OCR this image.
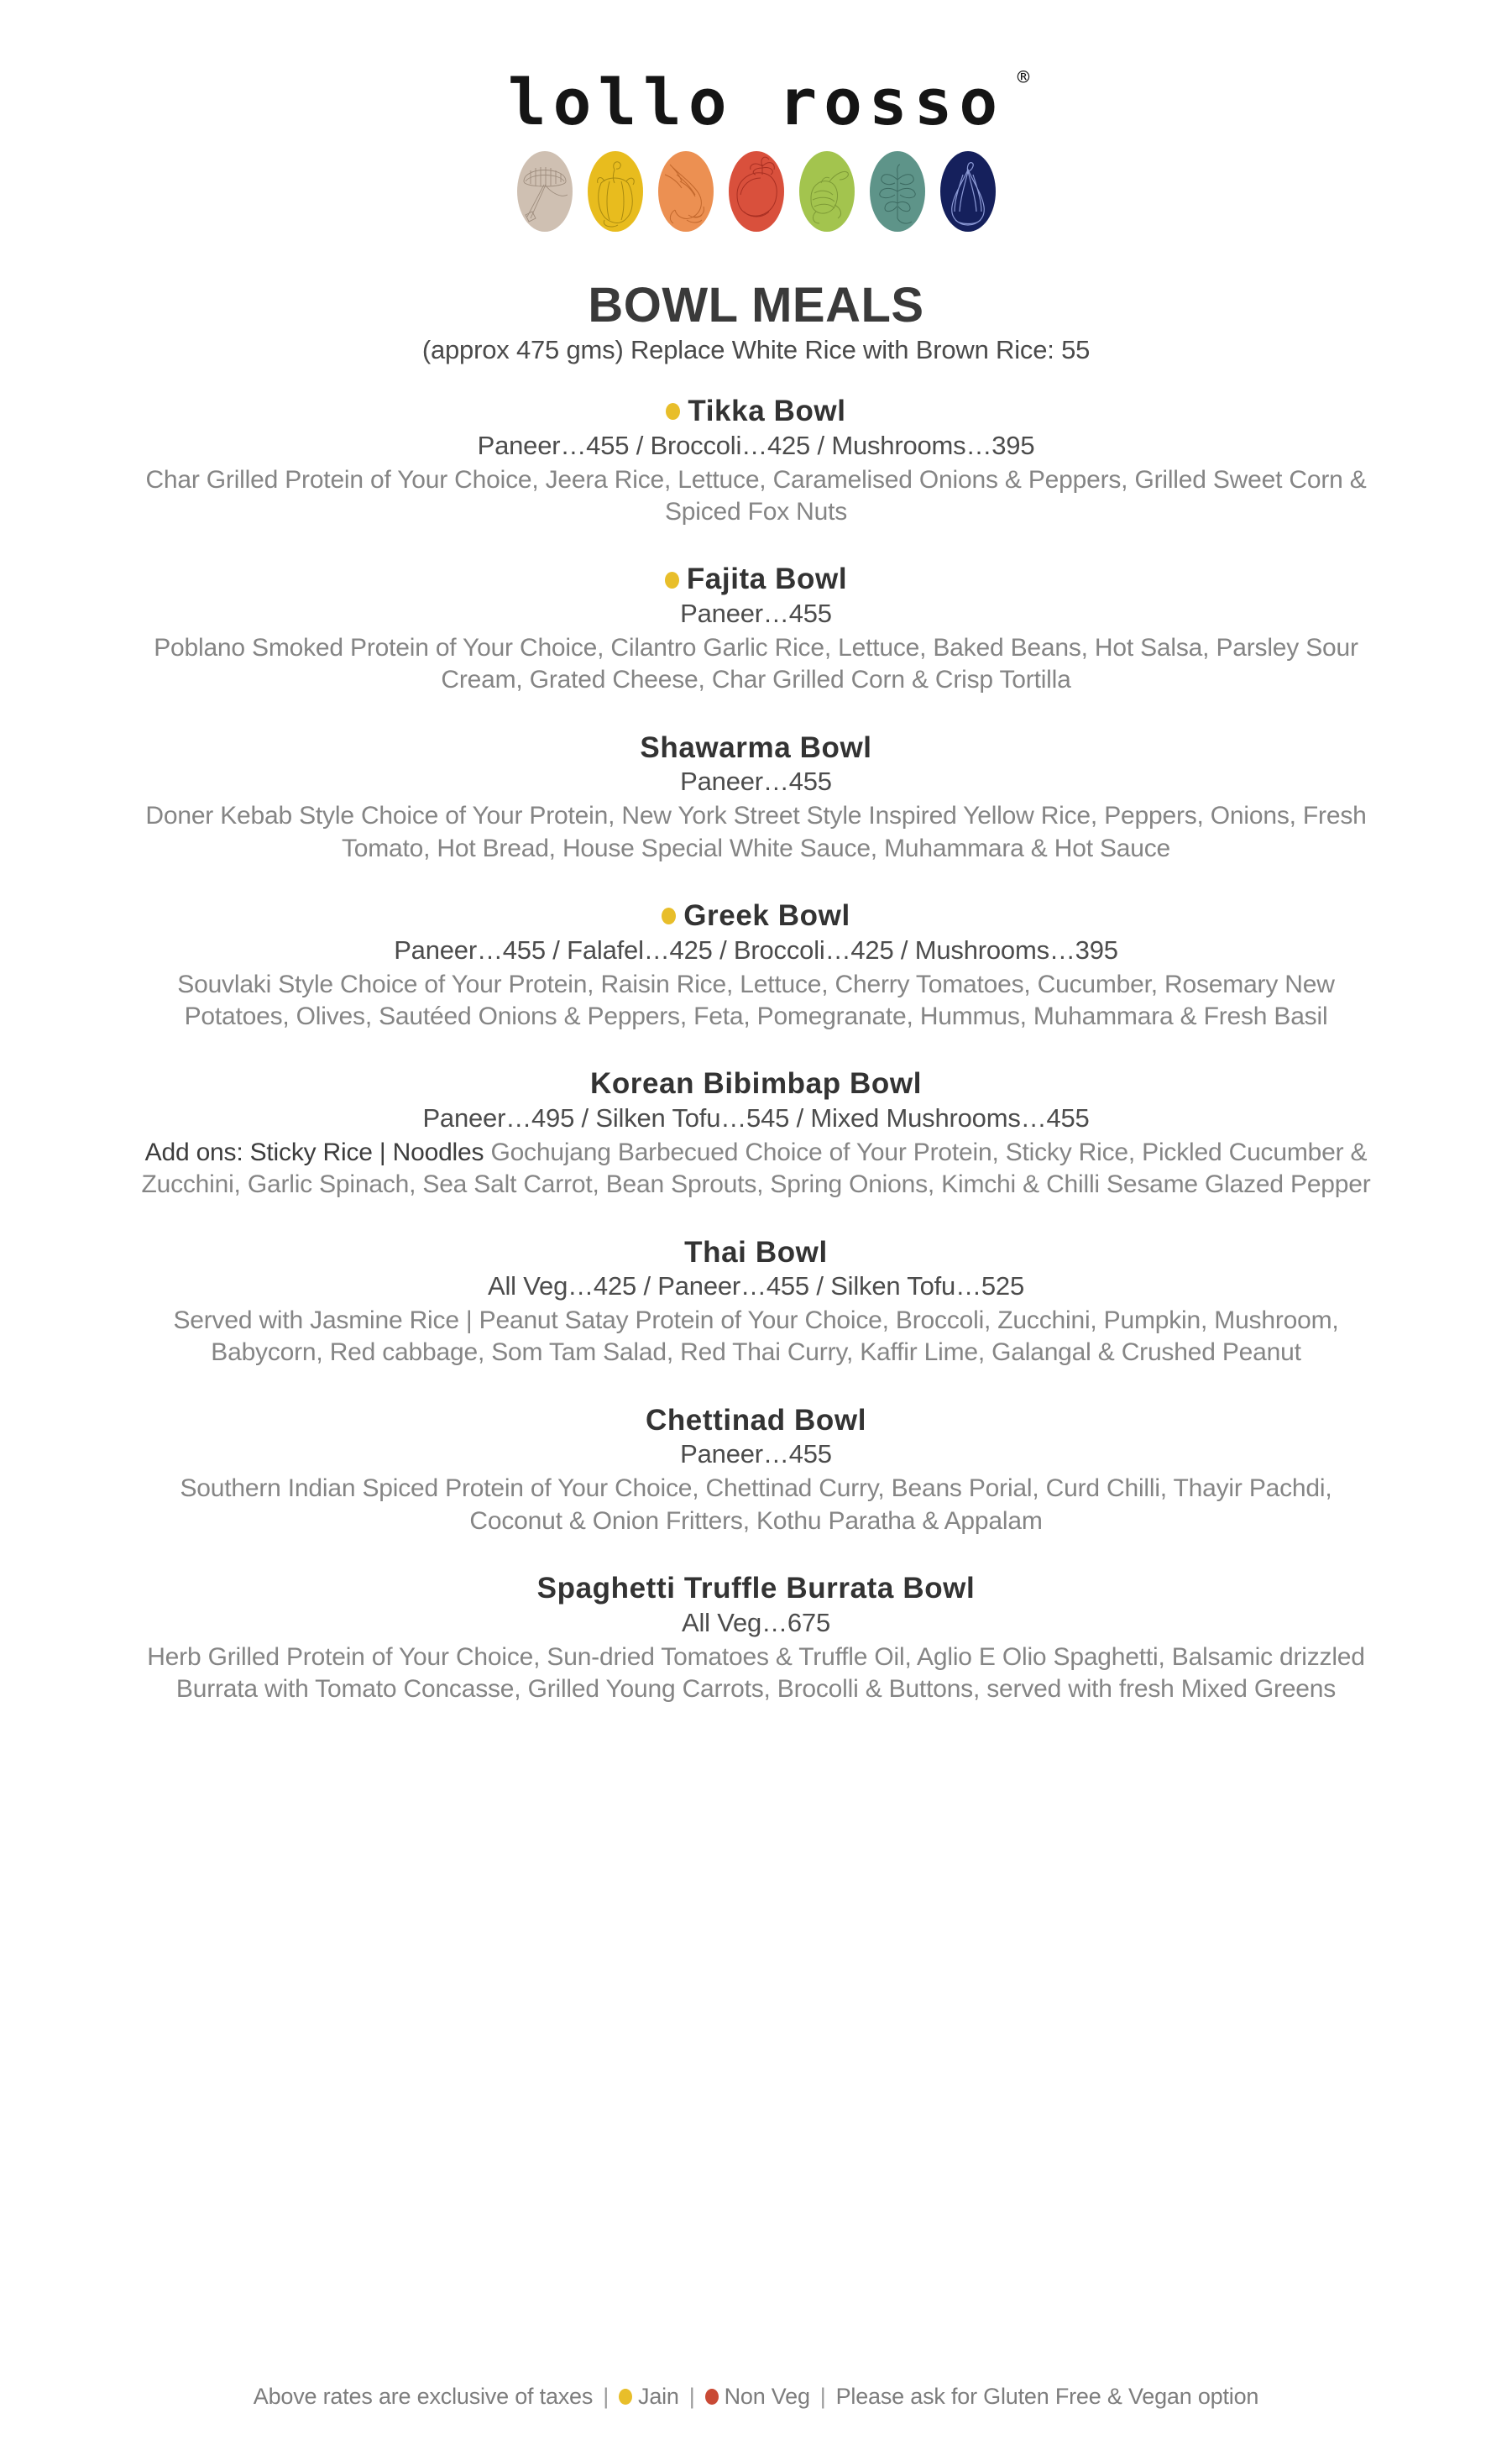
lollo rosso ®
BOWL MEALS
(approx 475 gms) Replace White Rice with Brown Rice: 55
Tikka Bowl
Paneer…455 / Broccoli…425 / Mushrooms…395
Char Grilled Protein of Your Choice, Jeera Rice, Lettuce, Caramelised Onions & Peppers, Grilled Sweet Corn & Spiced Fox Nuts
Fajita Bowl
Paneer…455
Poblano Smoked Protein of Your Choice, Cilantro Garlic Rice, Lettuce, Baked Beans, Hot Salsa, Parsley Sour Cream, Grated Cheese, Char Grilled Corn & Crisp Tortilla
Shawarma Bowl
Paneer…455
Doner Kebab Style Choice of Your Protein, New York Street Style Inspired Yellow Rice, Peppers, Onions, Fresh Tomato, Hot Bread, House Special White Sauce, Muhammara & Hot Sauce
Greek Bowl
Paneer…455 / Falafel…425 / Broccoli…425 / Mushrooms…395
Souvlaki Style Choice of Your Protein, Raisin Rice, Lettuce, Cherry Tomatoes, Cucumber, Rosemary New Potatoes, Olives, Sautéed Onions & Peppers, Feta, Pomegranate, Hummus, Muhammara & Fresh Basil
Korean Bibimbap Bowl
Paneer…495 / Silken Tofu…545 / Mixed Mushrooms…455
Add ons: Sticky Rice | Noodles Gochujang Barbecued Choice of Your Protein, Sticky Rice, Pickled Cucumber & Zucchini, Garlic Spinach, Sea Salt Carrot, Bean Sprouts, Spring Onions, Kimchi & Chilli Sesame Glazed Pepper
Thai Bowl
All Veg…425 / Paneer…455 / Silken Tofu…525
Served with Jasmine Rice | Peanut Satay Protein of Your Choice, Broccoli, Zucchini, Pumpkin, Mushroom, Babycorn, Red cabbage, Som Tam Salad, Red Thai Curry, Kaffir Lime, Galangal & Crushed Peanut
Chettinad Bowl
Paneer…455
Southern Indian Spiced Protein of Your Choice, Chettinad Curry, Beans Porial, Curd Chilli, Thayir Pachdi, Coconut & Onion Fritters, Kothu Paratha & Appalam
Spaghetti Truffle Burrata Bowl
All Veg…675
Herb Grilled Protein of Your Choice, Sun-dried Tomatoes & Truffle Oil, Aglio E Olio Spaghetti, Balsamic drizzled Burrata with Tomato Concasse, Grilled Young Carrots, Brocolli & Buttons, served with fresh Mixed Greens
Above rates are exclusive of taxes | Jain | Non Veg | Please ask for Gluten Free & Vegan option
